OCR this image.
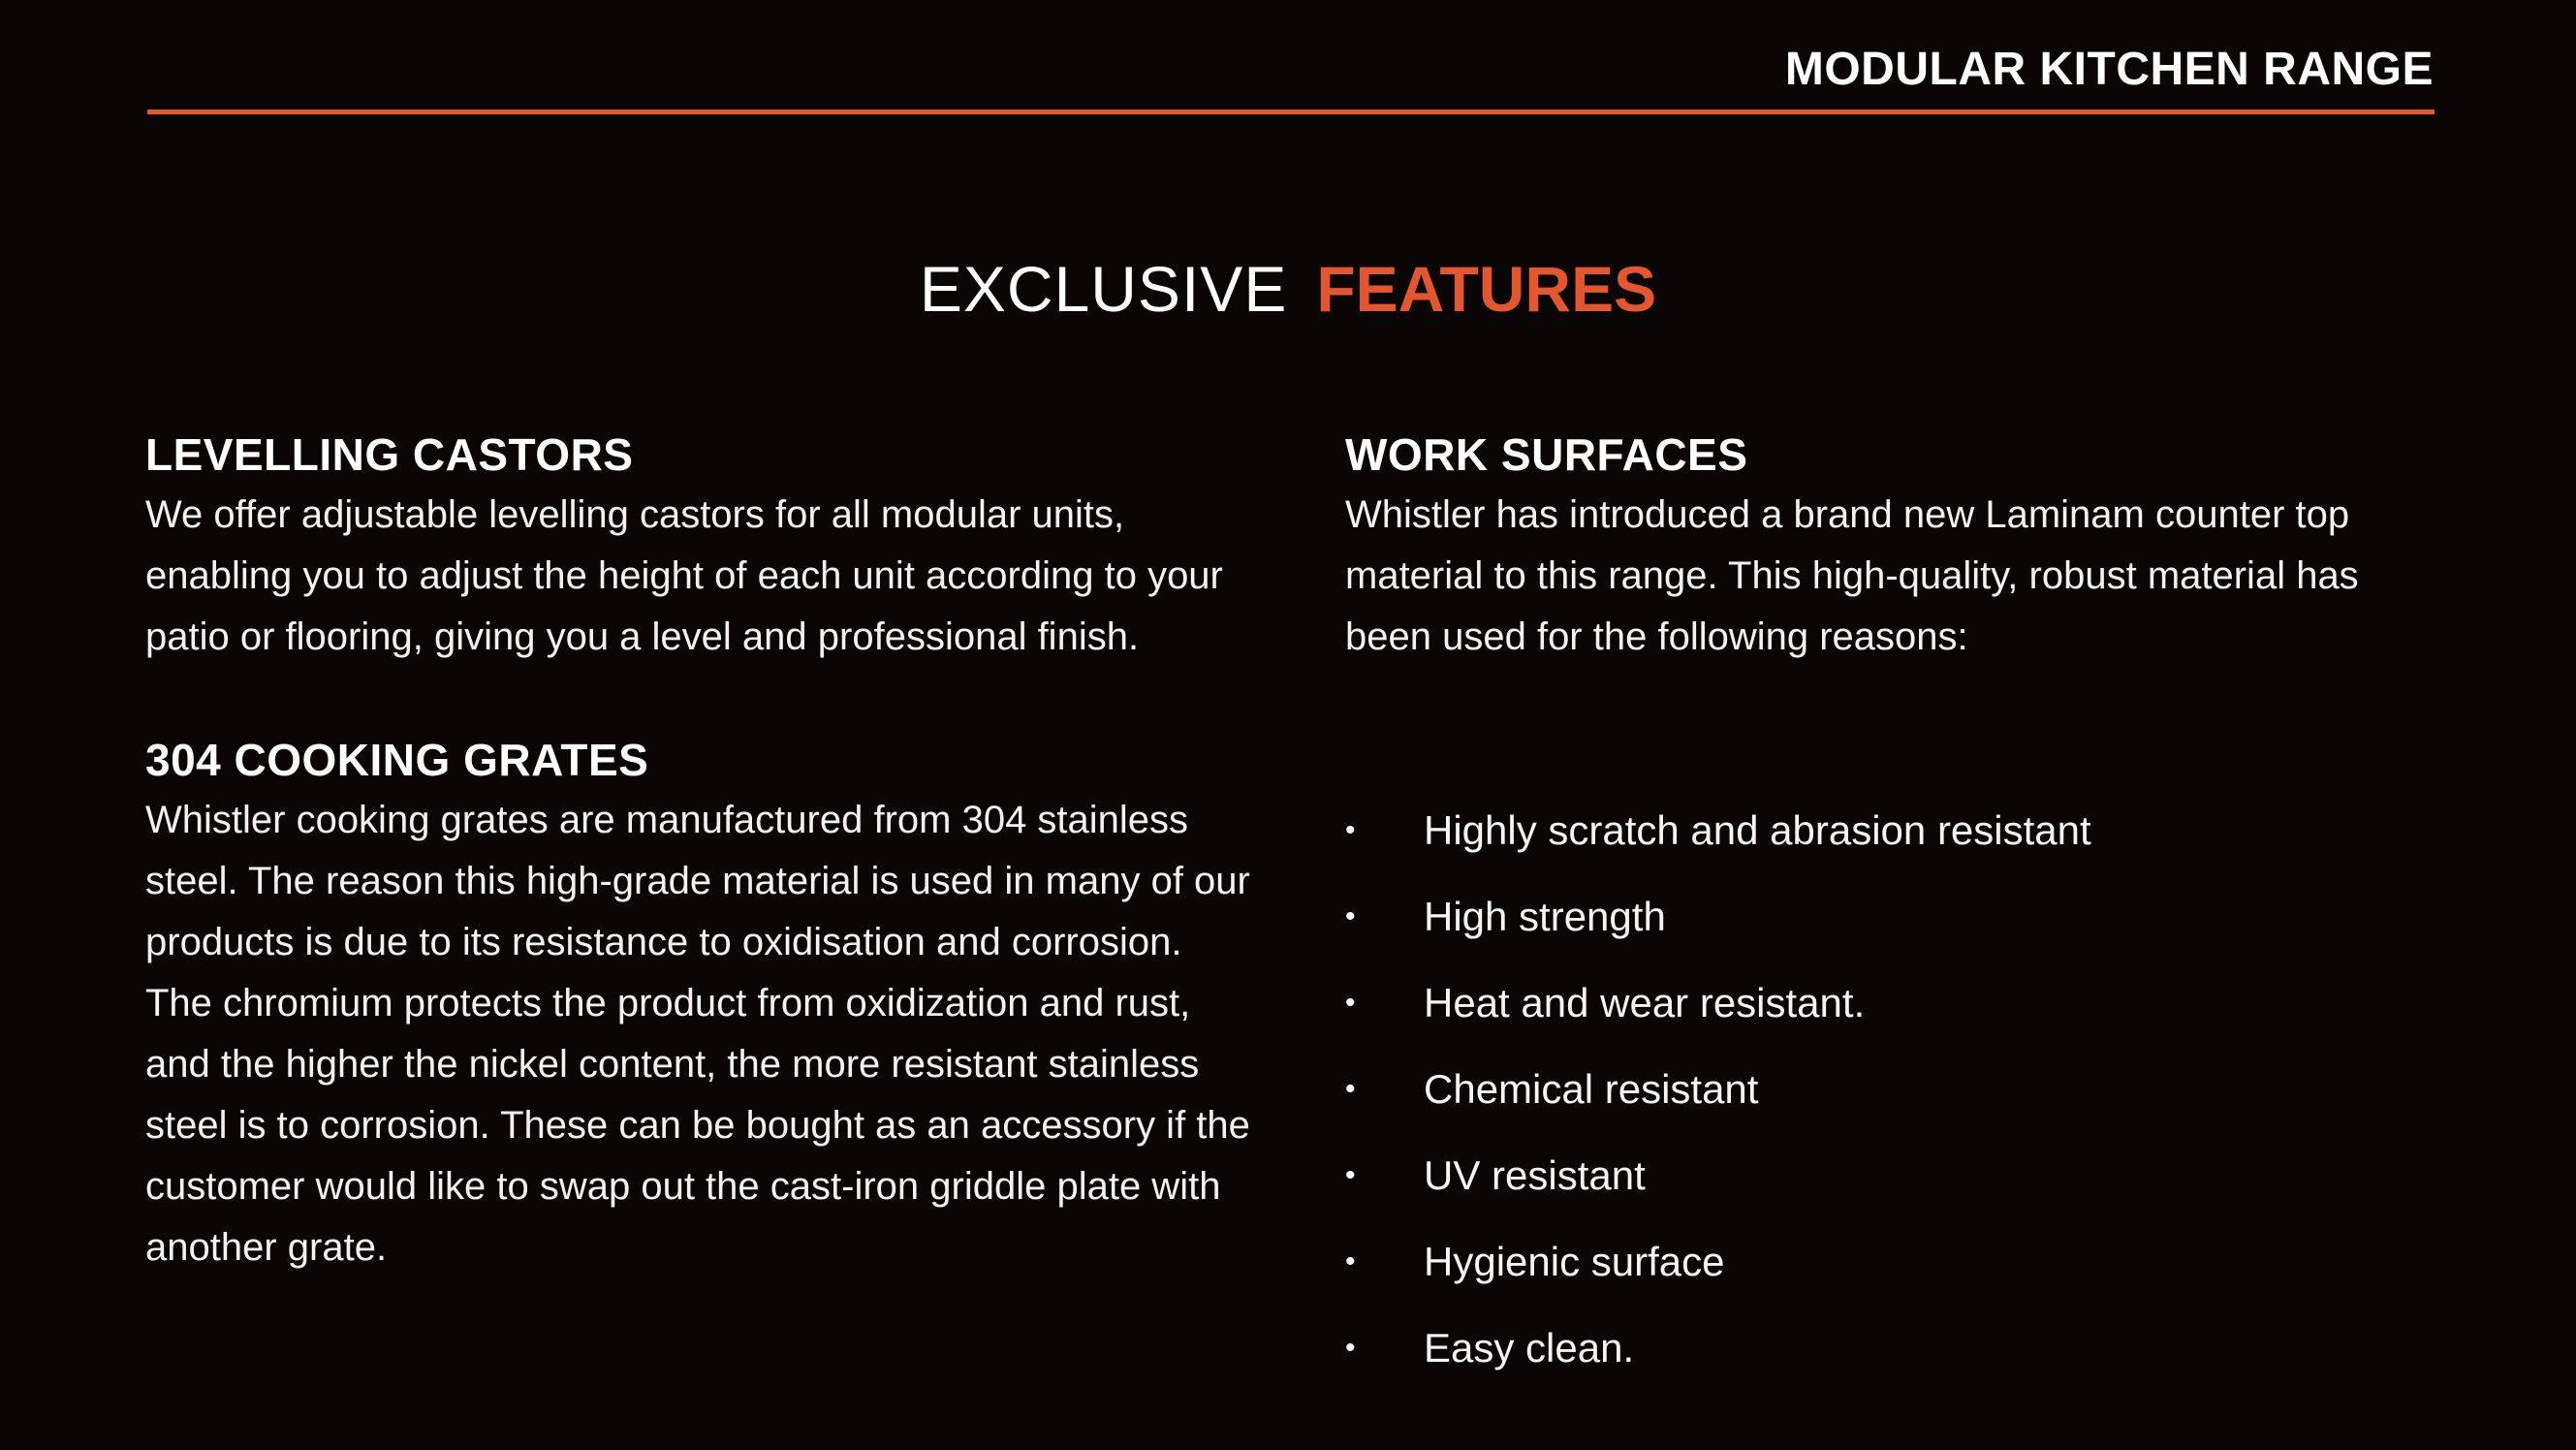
MODULAR KITCHEN RANGE
EXCLUSIVE FEATURES
LEVELLING CASTORS

We offer adjustable levelling castors for all modular units, enabling you to adjust the height of each unit according to your patio or flooring, giving you a level and professional finish.

304 COOKING GRATES

Whistler cooking grates are manufactured from 304 stainless steel. The reason this high-grade material is used in many of our products is due to its resistance to oxidisation and corrosion. The chromium protects the product from oxidization and rust, and the higher the nickel content, the more resistant stainless steel is to corrosion. These can be bought as an accessory if the customer would like to swap out the cast-iron griddle plate with another grate.

WORK SURFACES

Whistler has introduced a brand new Laminam counter top material to this range. This high-quality, robust material has been used for the following reasons:

• Highly scratch and abrasion resistant
• High strength
• Heat and wear resistant.
• Chemical resistant
• UV resistant
• Hygienic surface
• Easy clean.
